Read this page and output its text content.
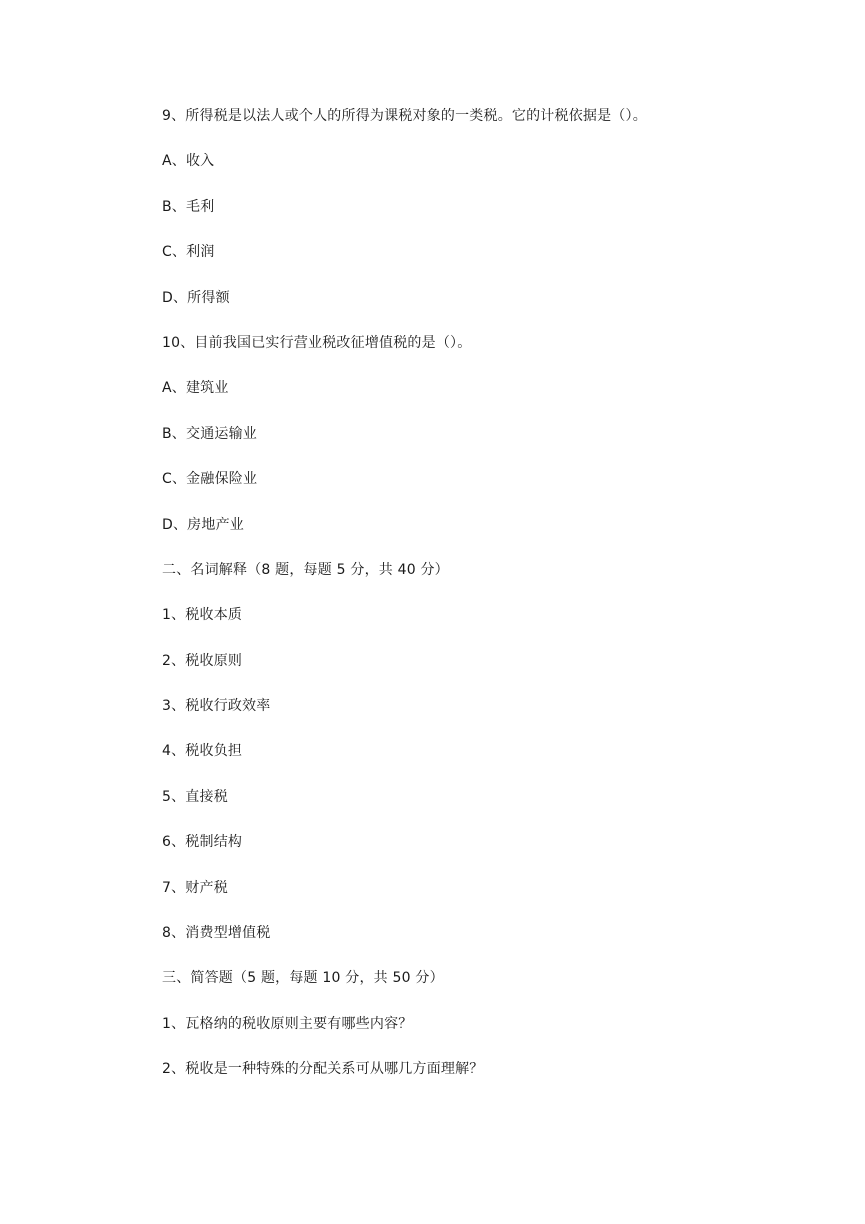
9、所得税是以法人或个人的所得为课税对象的一类税。它的计税依据是（）。
A、收入
B、毛利
C、利润
D、所得额
10、目前我国已实行营业税改征增值税的是（）。
A、建筑业
B、交通运输业
C、金融保险业
D、房地产业
二、名词解释（8 题，每题 5 分，共 40 分）
1、税收本质
2、税收原则
3、税收行政效率
4、税收负担
5、直接税
6、税制结构
7、财产税
8、消费型增值税
三、简答题（5 题，每题 10 分，共 50 分）
1、瓦格纳的税收原则主要有哪些内容？
2、税收是一种特殊的分配关系可从哪几方面理解？
